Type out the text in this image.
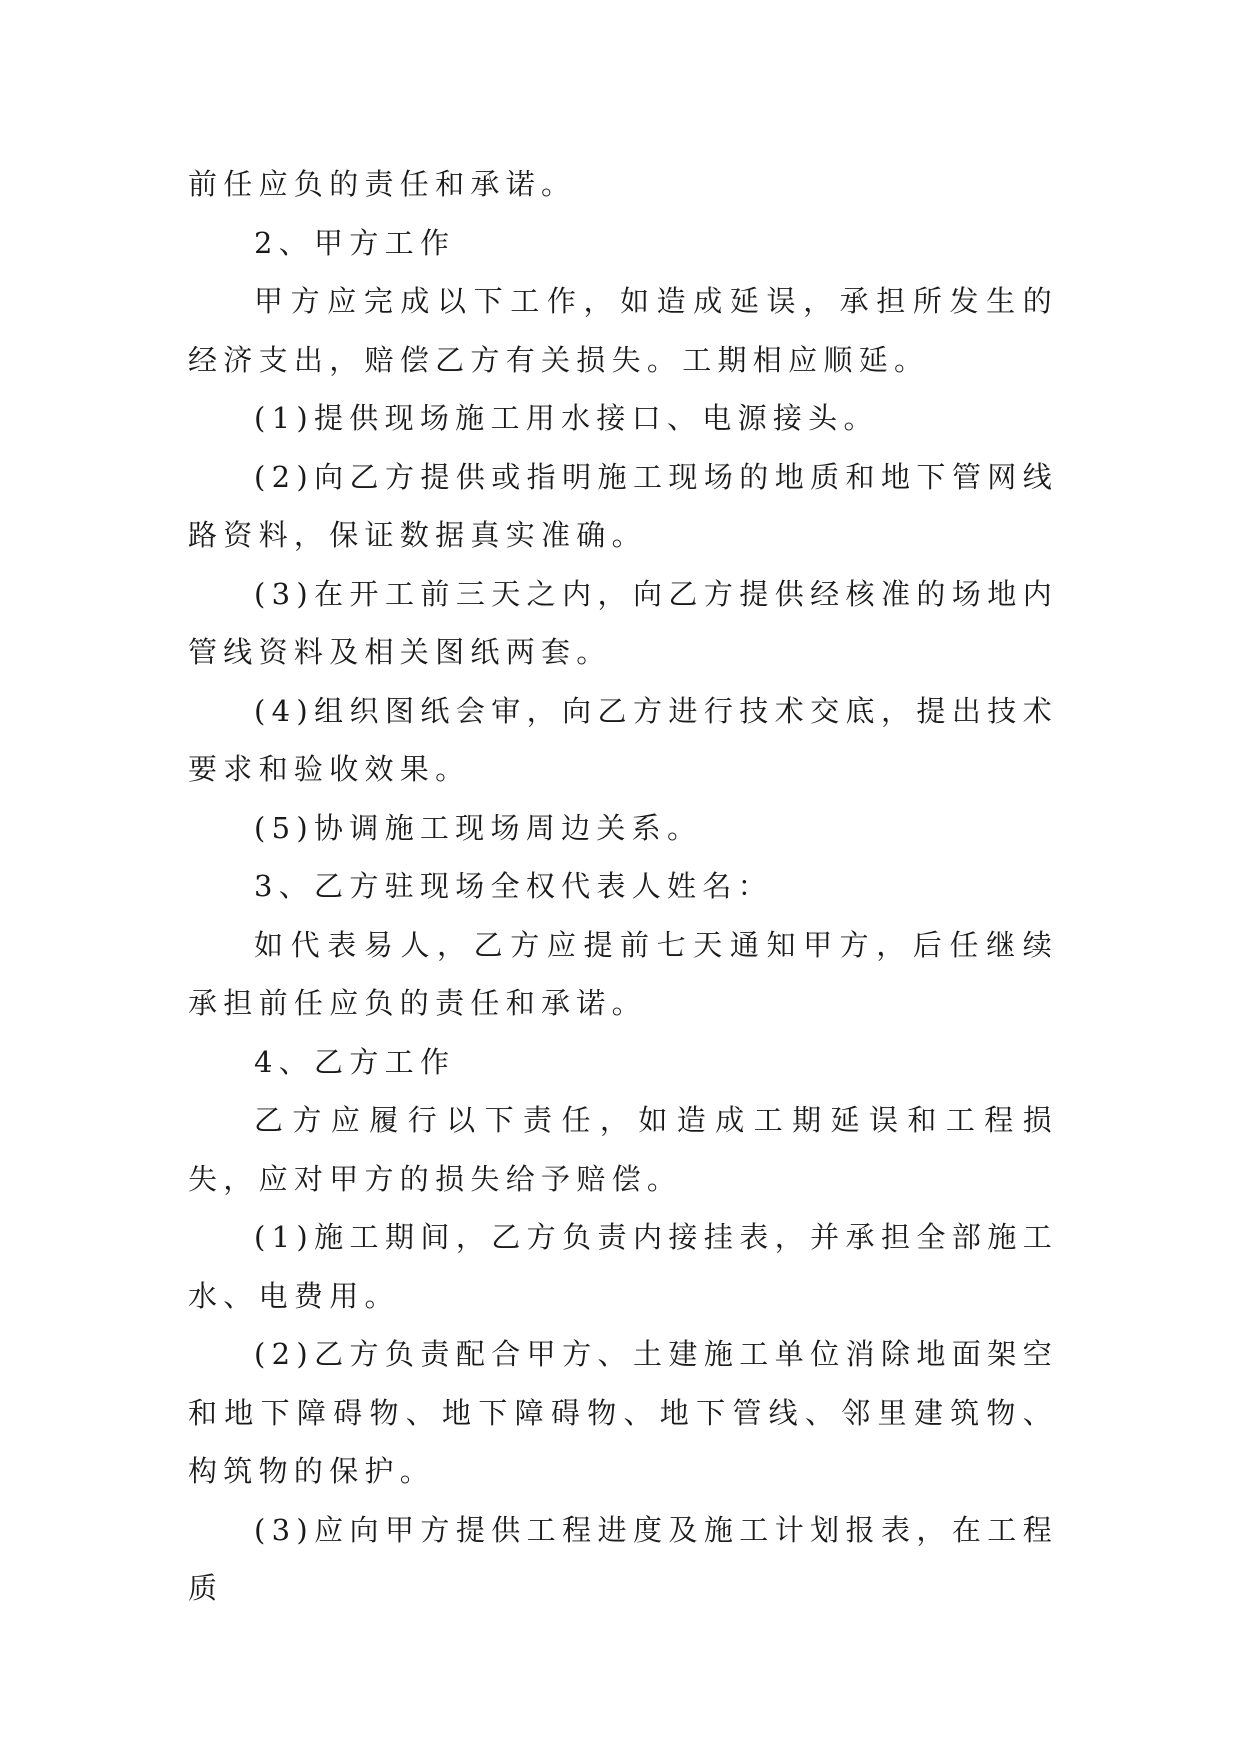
前任应负的责任和承诺。

2、甲方工作

甲方应完成以下工作，如造成延误，承担所发生的经济支出，赔偿乙方有关损失。工期相应顺延。

(1)提供现场施工用水接口、电源接头。

(2)向乙方提供或指明施工现场的地质和地下管网线路资料，保证数据真实准确。

(3)在开工前三天之内，向乙方提供经核准的场地内管线资料及相关图纸两套。

(4)组织图纸会审，向乙方进行技术交底，提出技术要求和验收效果。

(5)协调施工现场周边关系。

3、乙方驻现场全权代表人姓名：

如代表易人，乙方应提前七天通知甲方，后任继续承担前任应负的责任和承诺。

4、乙方工作

乙方应履行以下责任，如造成工期延误和工程损失，应对甲方的损失给予赔偿。

(1)施工期间，乙方负责内接挂表，并承担全部施工水、电费用。

(2)乙方负责配合甲方、土建施工单位消除地面架空和地下障碍物、地下障碍物、地下管线、邻里建筑物、构筑物的保护。

(3)应向甲方提供工程进度及施工计划报表，在工程质
